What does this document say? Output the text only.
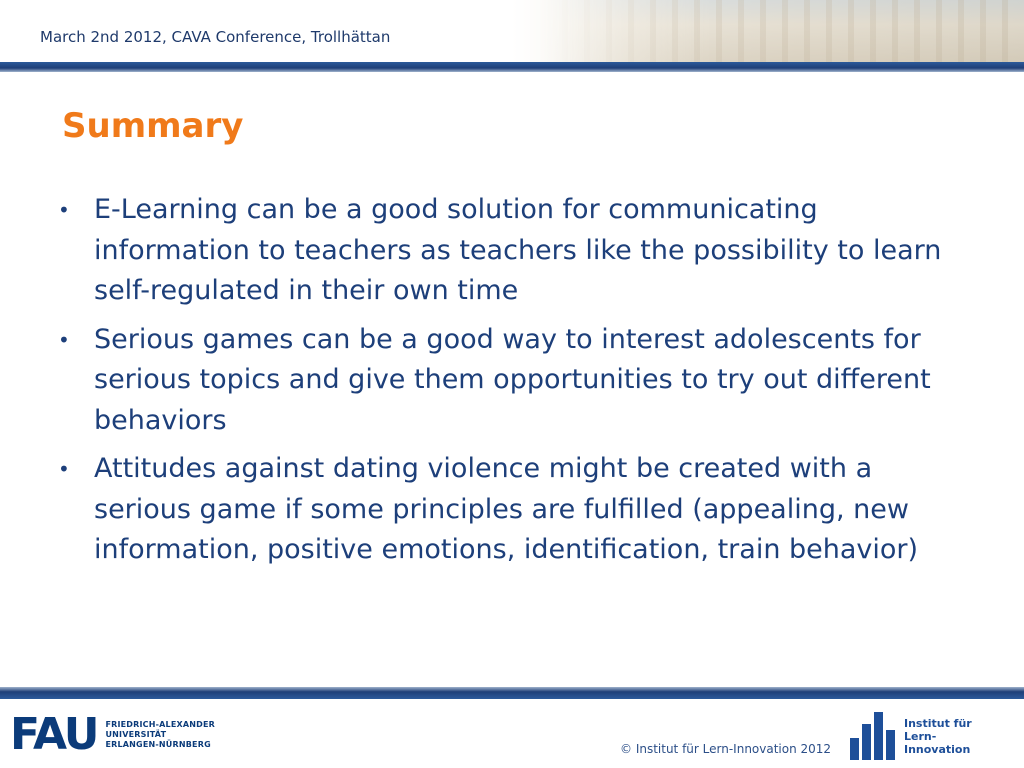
March 2nd 2012, CAVA Conference, Trollhättan
Summary
• E-Learning can be a good solution for communicating information to teachers as teachers like the possibility to learn self-regulated in their own time
• Serious games can be a good way to interest adolescents for serious topics and give them opportunities to try out different behaviors
• Attitudes against dating violence might be created with a serious game if some principles are fulfilled (appealing, new information, positive emotions, identification, train behavior)
FAU FRIEDRICH-ALEXANDER
UNIVERSITÄT
ERLANGEN-NÜRNBERG	© Institut für Lern-Innovation 2012
Institut für
Lern-Innovation
